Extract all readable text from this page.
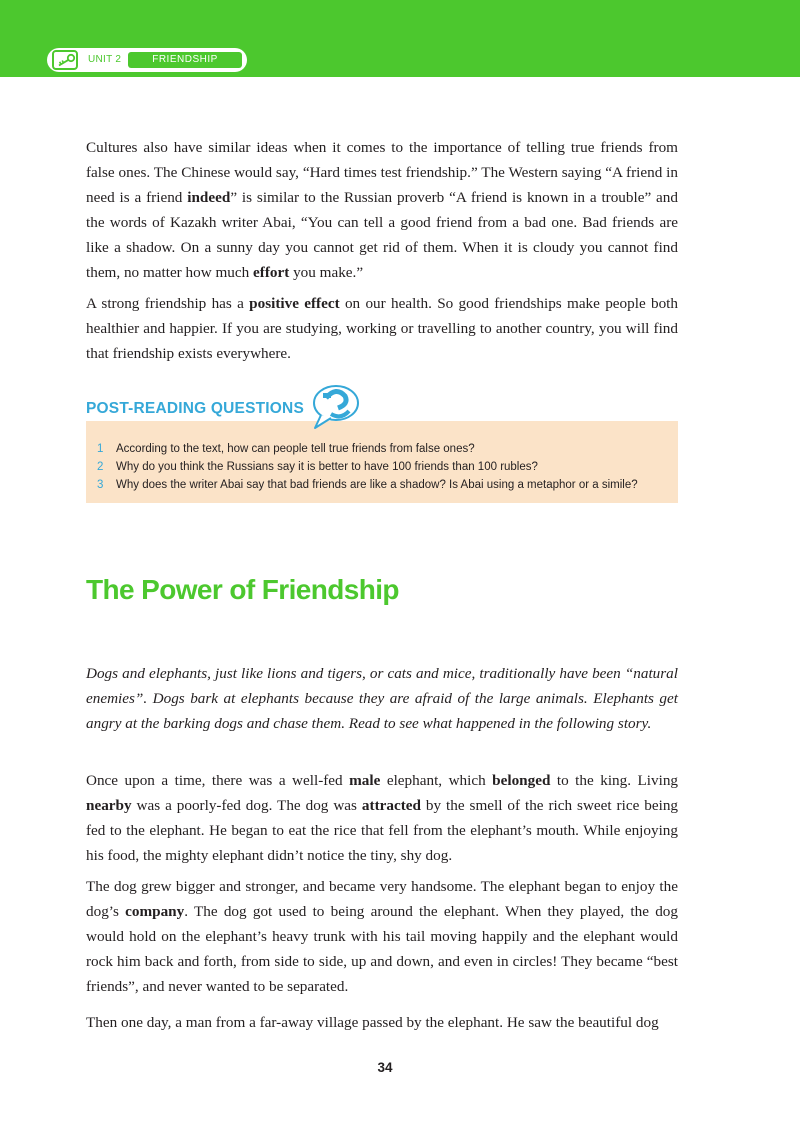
UNIT 2	FRIENDSHIP

Cultures also have similar ideas when it comes to the importance of telling true friends from false ones. The Chinese would say, “Hard times test friendship.” The Western saying “A friend in need is a friend indeed” is similar to the Russian proverb “A friend is known in a trouble” and the words of Kazakh writer Abai, “You can tell a good friend from a bad one. Bad friends are like a shadow. On a sunny day you cannot get rid of them. When it is cloudy you cannot find them, no matter how much effort you make.”

A strong friendship has a positive effect on our health. So good friendships make people both healthier and happier. If you are studying, working or travelling to another country, you will find that friendship exists everywhere.

POST-READING QUESTIONS
1 According to the text, how can people tell true friends from false ones?
2 Why do you think the Russians say it is better to have 100 friends than 100 rubles?
3 Why does the writer Abai say that bad friends are like a shadow? Is Abai using a metaphor or a simile?
The Power of Friendship

Dogs and elephants, just like lions and tigers, or cats and mice, traditionally have been “natural enemies”. Dogs bark at elephants because they are afraid of the large animals. Elephants get angry at the barking dogs and chase them. Read to see what happened in the following story.

Once upon a time, there was a well-fed male elephant, which belonged to the king. Living nearby was a poorly-fed dog. The dog was attracted by the smell of the rich sweet rice being fed to the elephant. He began to eat the rice that fell from the elephant’s mouth. While enjoying his food, the mighty elephant didn’t notice the tiny, shy dog.

The dog grew bigger and stronger, and became very handsome. The elephant began to enjoy the dog’s company. The dog got used to being around the elephant. When they played, the dog would hold on the elephant’s heavy trunk with his tail moving happily and the elephant would rock him back and forth, from side to side, up and down, and even in circles! They became “best friends”, and never wanted to be separated.

Then one day, a man from a far-away village passed by the elephant. He saw the beautiful dog

34
